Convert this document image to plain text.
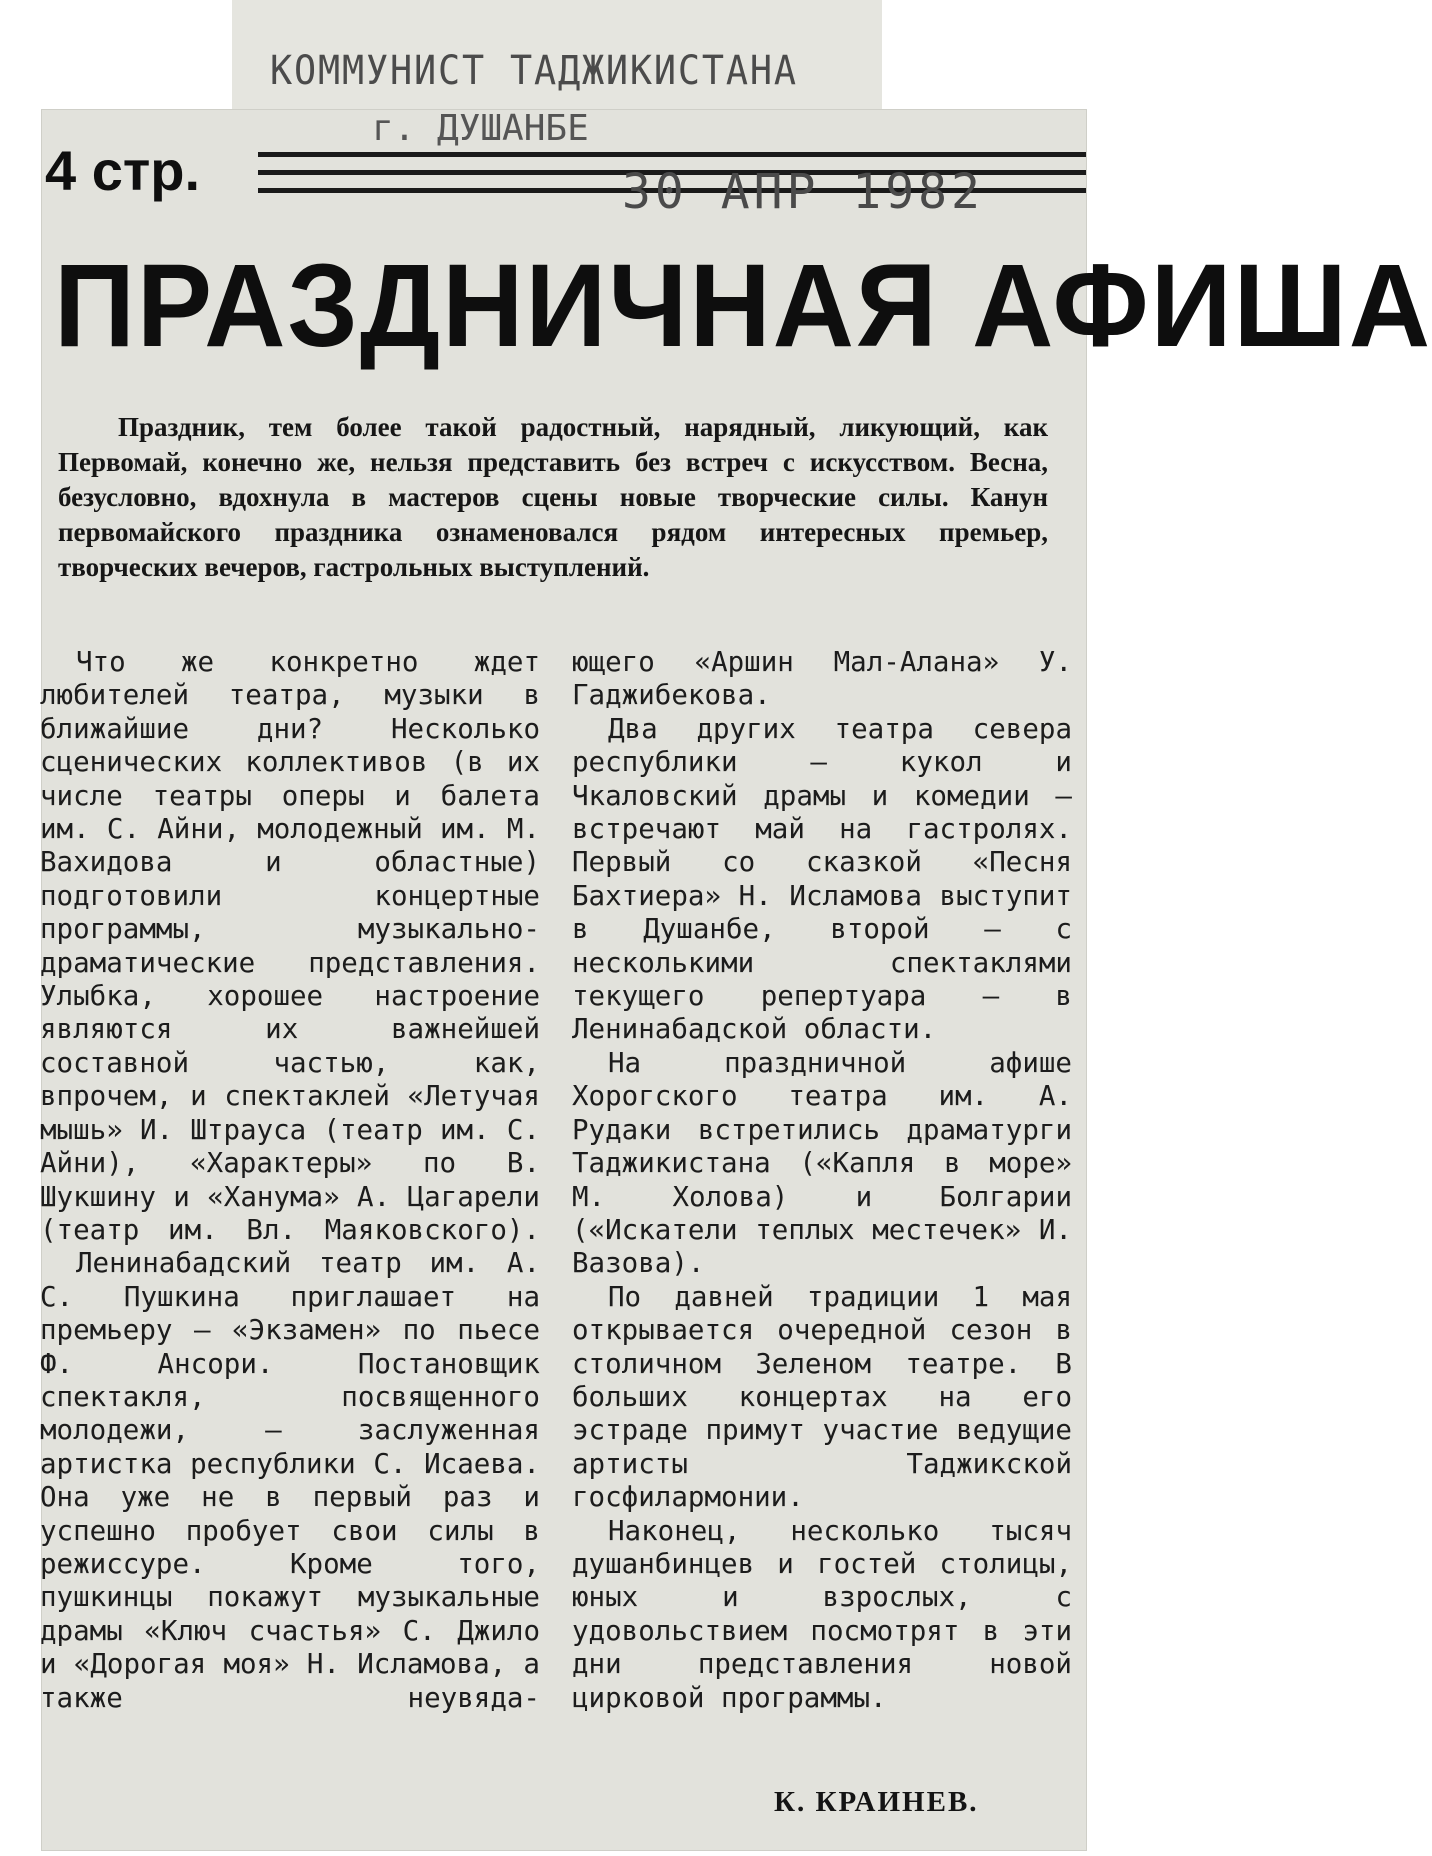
КОММУНИСТ ТАДЖИКИСТАНА
г. ДУШАНБЕ
4 стр.	30 АПР 1982
ПРАЗДНИЧНАЯ АФИША

Праздник, тем более такой радостный, нарядный, ликующий, как Первомай, конечно же, нельзя представить без встреч с искусством. Весна, безусловно, вдохнула в мастеров сцены новые творческие силы. Канун первомайского праздника ознаменовался рядом интересных премьер, творческих вечеров, гастрольных выступлений.

Что же конкретно ждет любителей театра, музыки в ближайшие дни? Несколько сценических коллективов (в их числе театры оперы и балета им. С. Айни, молодежный им. М. Вахидова и областные) подготовили концертные программы, музыкально-драматические представления. Улыбка, хорошее настроение являются их важнейшей составной частью, как, впрочем, и спектаклей «Летучая мышь» И. Штрауса (театр им. С. Айни), «Характеры» по В. Шукшину и «Ханума» А. Цагарели (театр им. Вл. Маяковского).

Ленинабадский театр им. А. С. Пушкина приглашает на премьеру — «Экзамен» по пьесе Ф. Ансори. Постановщик спектакля, посвященного молодежи, — заслуженная артистка республики С. Исаева. Она уже не в первый раз и успешно пробует свои силы в режиссуре. Кроме того, пушкинцы покажут музыкальные драмы «Ключ счастья» С. Джило и «Дорогая моя» Н. Исламова, а также неувяда-

ющего «Аршин Мал-Алана» У. Гаджибекова.

Два других театра севера республики — кукол и Чкаловский драмы и комедии — встречают май на гастролях. Первый со сказкой «Песня Бахтиера» Н. Исламова выступит в Душанбе, второй — с несколькими спектаклями текущего репертуара — в Ленинабадской области.

На праздничной афише Хорогского театра им. А. Рудаки встретились драматурги Таджикистана («Капля в море» М. Холова) и Болгарии («Искатели теплых местечек» И. Вазова).

По давней традиции 1 мая открывается очередной сезон в столичном Зеленом театре. В больших концертах на его эстраде примут участие ведущие артисты Таджикской госфилармонии.

Наконец, несколько тысяч душанбинцев и гостей столицы, юных и взрослых, с удовольствием посмотрят в эти дни представления новой цирковой программы.

К. КРАИНЕВ.
